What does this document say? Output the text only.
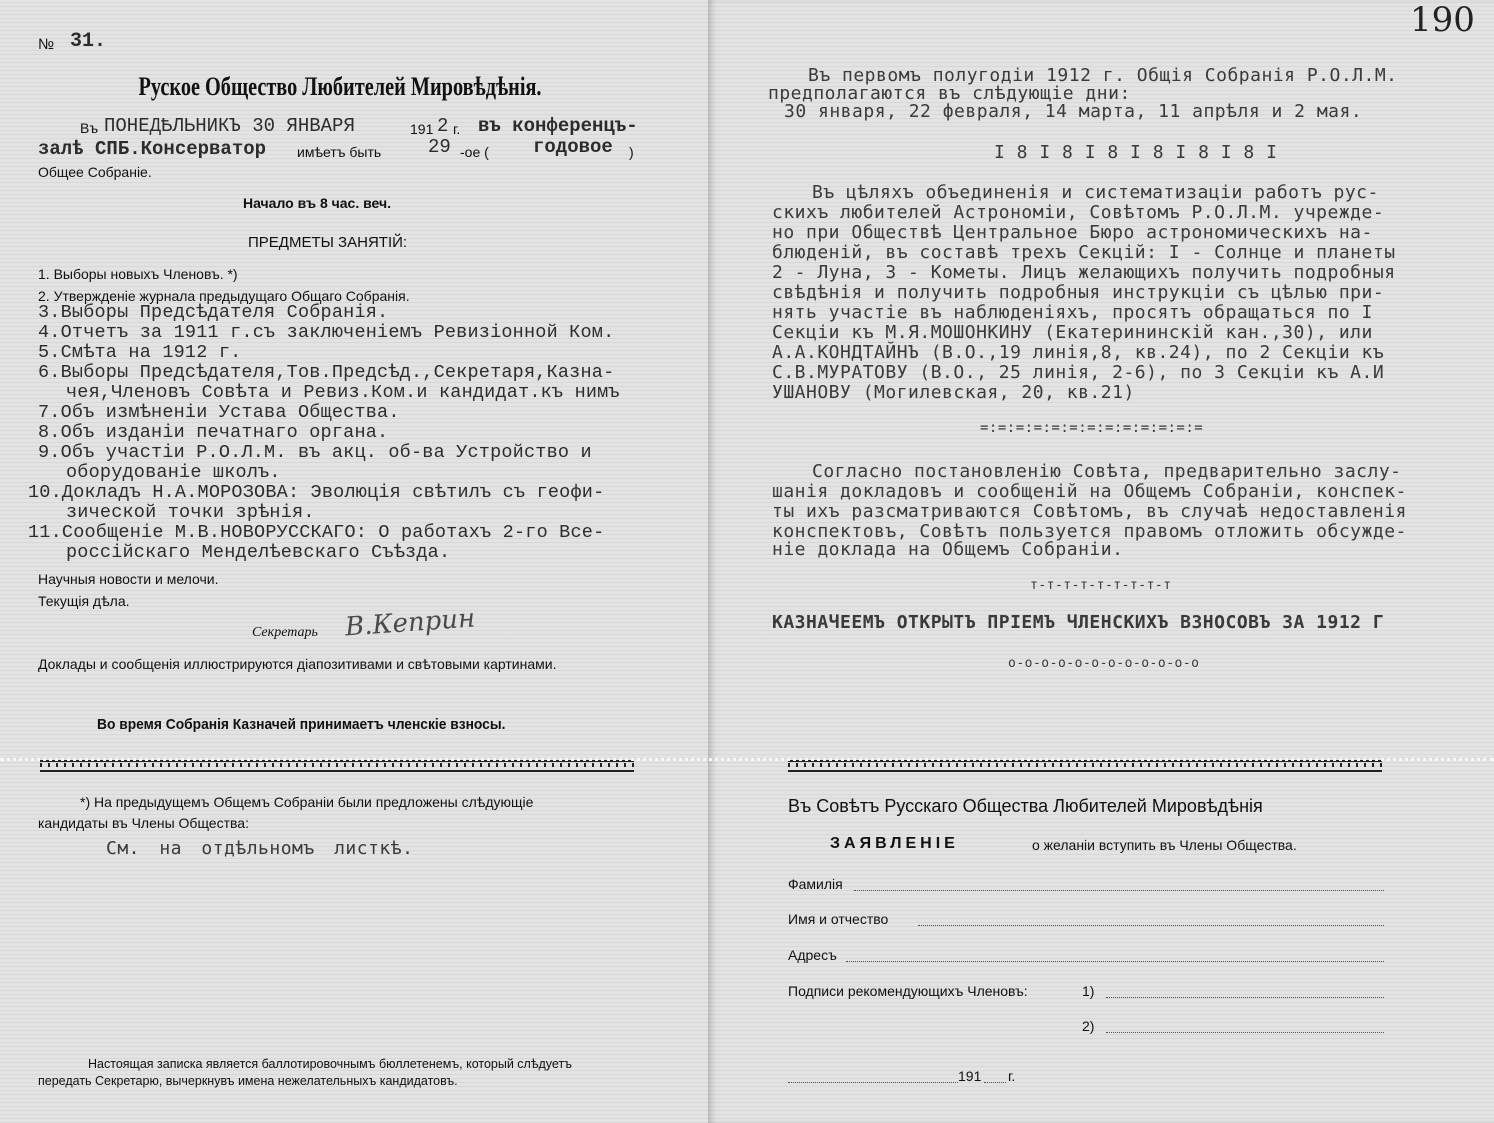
№ 31.
Руское Общество Любителей Мировѣдѣнія.
Въ ПОНЕДѢЛЬНИКЪ 30 ЯНВАРЯ	191 2 г. въ конференцъ-
залѣ СПБ.Консерватор имѣетъ быть 29 -ое ( годовое )
Общее Собраніе.
Начало въ 8 час. веч.
ПРЕДМЕТЫ ЗАНЯТІЙ:
1. Выборы новыхъ Членовъ. *)
2. Утвержденіе журнала предыдущаго Общаго Собранія.
3.Выборы Предсѣдателя Собранія.
4.Отчетъ за 1911 г.съ заключеніемъ Ревизіонной Ком.
5.Смѣта на 1912 г.
6.Выборы Предсѣдателя,Тов.Предсѣд.,Секретаря,Казна-
чея,Членовъ Совѣта и Ревиз.Ком.и кандидат.къ нимъ
7.Объ измѣненіи Устава Общества.
8.Объ изданіи печатнаго органа.
9.Объ участіи Р.О.Л.М. въ акц. об-ва Устройство и
оборудованіе школъ.
10.Докладъ Н.А.МОРОЗОВА: Эволюція свѣтилъ съ геофи-
зической точки зрѣнія.
11.Сообщеніе М.В.НОВОРУССКАГО: О работахъ 2-го Все-
россійскаго Менделѣевскаго Съѣзда.
Научныя новости и мелочи.
Текущія дѣла.
Секретарь В.Кеприн
Доклады и сообщенія иллюстрируются діапозитивами и свѣтовыми картинами.
Во время Собранія Казначей принимаетъ членскіе взносы.
*) На предыдущемъ Общемъ Собраніи были предложены слѣдующіе
кандидаты въ Члены Общества:
См. на отдѣльномъ листкѣ.
Настоящая записка является баллотировочнымъ бюллетенемъ, который слѣдуетъ
передать Секретарю, вычеркнувъ имена нежелательныхъ кандидатовъ.
190
Въ первомъ полугодіи 1912 г. Общія Собранія Р.О.Л.М.
предполагаются въ слѣдующіе дни:
30 января, 22 февраля, 14 марта, 11 апрѣля и 2 мая.
I 8 I 8 I 8 I 8 I 8 I 8 I
Въ цѣляхъ объединенія и систематизаціи работъ рус-
скихъ любителей Астрономіи, Совѣтомъ Р.О.Л.М. учрежде-
но при Обществѣ Центральное Бюро астрономическихъ на-
блюденій, въ составѣ трехъ Секцій: I - Солнце и планеты
2 - Луна, 3 - Кометы. Лицъ желающихъ получить подробныя
свѣдѣнія и получить подробныя инструкціи съ цѣлью при-
нять участіе въ наблюденіяхъ, просятъ обращаться по I
Секціи къ М.Я.МОШОНКИНУ (Екатерининскій кан.,30), или
А.А.КОНДТАЙНЪ (В.О.,19 линія,8, кв.24), по 2 Секціи къ
С.В.МУРАТОВУ (В.О., 25 линія, 2-6), по 3 Секціи къ А.И
УШАНОВУ (Могилевская, 20, кв.21)
=:=:=:=:=:=:=:=:=:=:=:=:=
Согласно постановленію Совѣта, предварительно заслу-
шанія докладовъ и сообщеній на Общемъ Собраніи, конспек-
ты ихъ разсматриваются Совѣтомъ, въ случаѣ недоставленія
конспектовъ, Совѣтъ пользуется правомъ отложить обсужде-
ніе доклада на Общемъ Собраніи.
т-т-т-т-т-т-т-т-т
КАЗНАЧЕЕМЪ ОТКРЫТЪ ПРІЕМЪ ЧЛЕНСКИХЪ ВЗНОСОВЪ ЗА 1912 Г
о-о-о-о-о-о-о-о-о-о-о-о
Въ Совѣтъ Русскаго Общества Любителей Мировѣдѣнія
ЗАЯВЛЕНІЕ	о желаніи вступить въ Члены Общества.
Фамилія
Имя и отчество
Адресъ
Подписи рекомендующихъ Членовъ:	1)
2)
191 г.
